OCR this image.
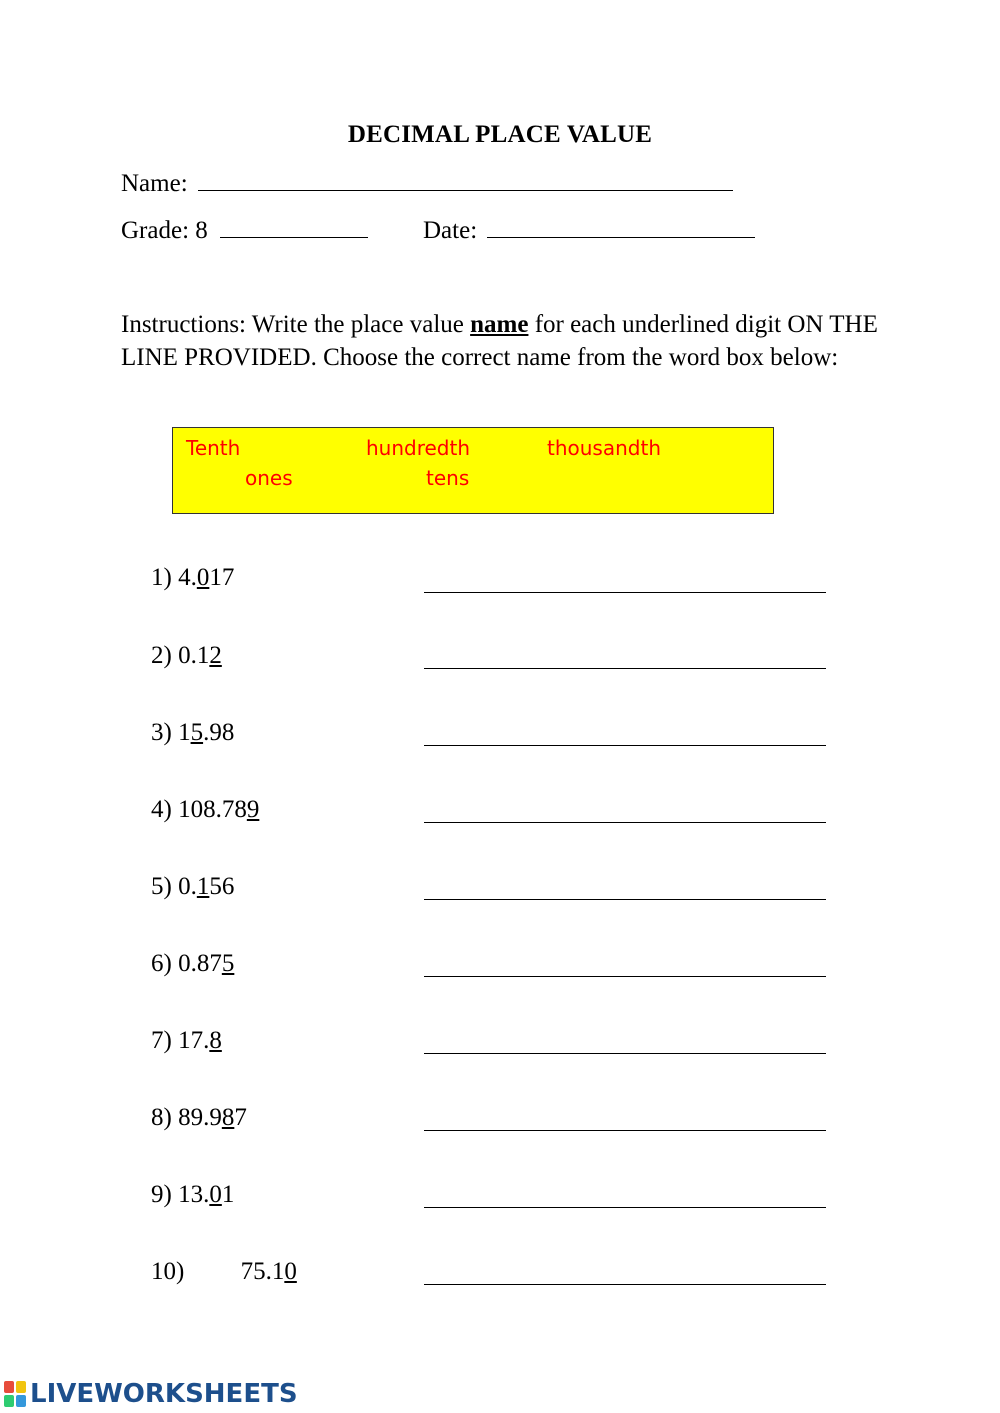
DECIMAL PLACE VALUE
Name:
Grade: 8	Date:
Instructions: Write the place value name for each underlined digit ON THE LINE PROVIDED. Choose the correct name from the word box below:
Tenth	hundredth	thousandth
ones	tens
1) 4.017
2) 0.12
3) 15.98
4) 108.789
5) 0.156
6) 0.875
7) 17.8
8) 89.987
9) 13.01
10)         75.10
LIVEWORKSHEETS
